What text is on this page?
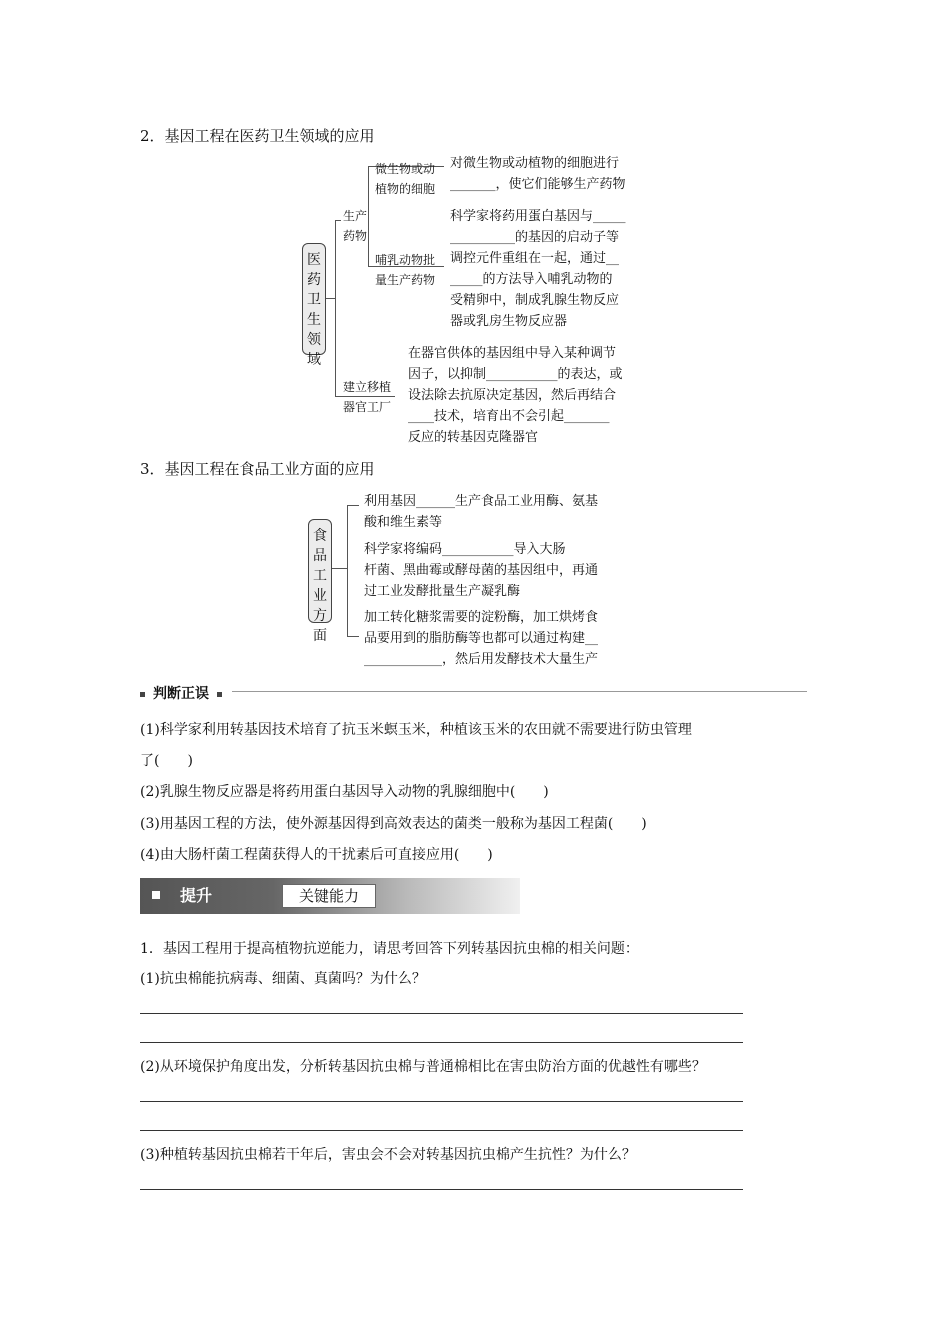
2．基因工程在医药卫生领域的应用
医药卫生领域
生产药物
微生物或动
植物的细胞
哺乳动物批
量生产药物
建立移植器官工厂
对微生物或动植物的细胞进行
_______，使它们能够生产药物
科学家将药用蛋白基因与_____
__________的基因的启动子等
调控元件重组在一起，通过__
_____的方法导入哺乳动物的
受精卵中，制成乳腺生物反应
器或乳房生物反应器
在器官供体的基因组中导入某种调节
因子，以抑制___________的表达，或
设法除去抗原决定基因，然后再结合
____技术，培育出不会引起_______
反应的转基因克隆器官
3．基因工程在食品工业方面的应用
食品工业方面
利用基因______生产食品工业用酶、氨基
酸和维生素等
科学家将编码___________导入大肠
杆菌、黑曲霉或酵母菌的基因组中，再通
过工业发酵批量生产凝乳酶
加工转化糖浆需要的淀粉酶，加工烘烤食
品要用到的脂肪酶等也都可以通过构建__
____________，然后用发酵技术大量生产
判断正误
(1)科学家利用转基因技术培育了抗玉米螟玉米，种植该玉米的农田就不需要进行防虫管理
了(　　)
(2)乳腺生物反应器是将药用蛋白基因导入动物的乳腺细胞中(　　)
(3)用基因工程的方法，使外源基因得到高效表达的菌类一般称为基因工程菌(　　)
(4)由大肠杆菌工程菌获得人的干扰素后可直接应用(　　)
提升	关键能力
1．基因工程用于提高植物抗逆能力，请思考回答下列转基因抗虫棉的相关问题：
(1)抗虫棉能抗病毒、细菌、真菌吗？为什么？
(2)从环境保护角度出发，分析转基因抗虫棉与普通棉相比在害虫防治方面的优越性有哪些？
(3)种植转基因抗虫棉若干年后，害虫会不会对转基因抗虫棉产生抗性？为什么？
